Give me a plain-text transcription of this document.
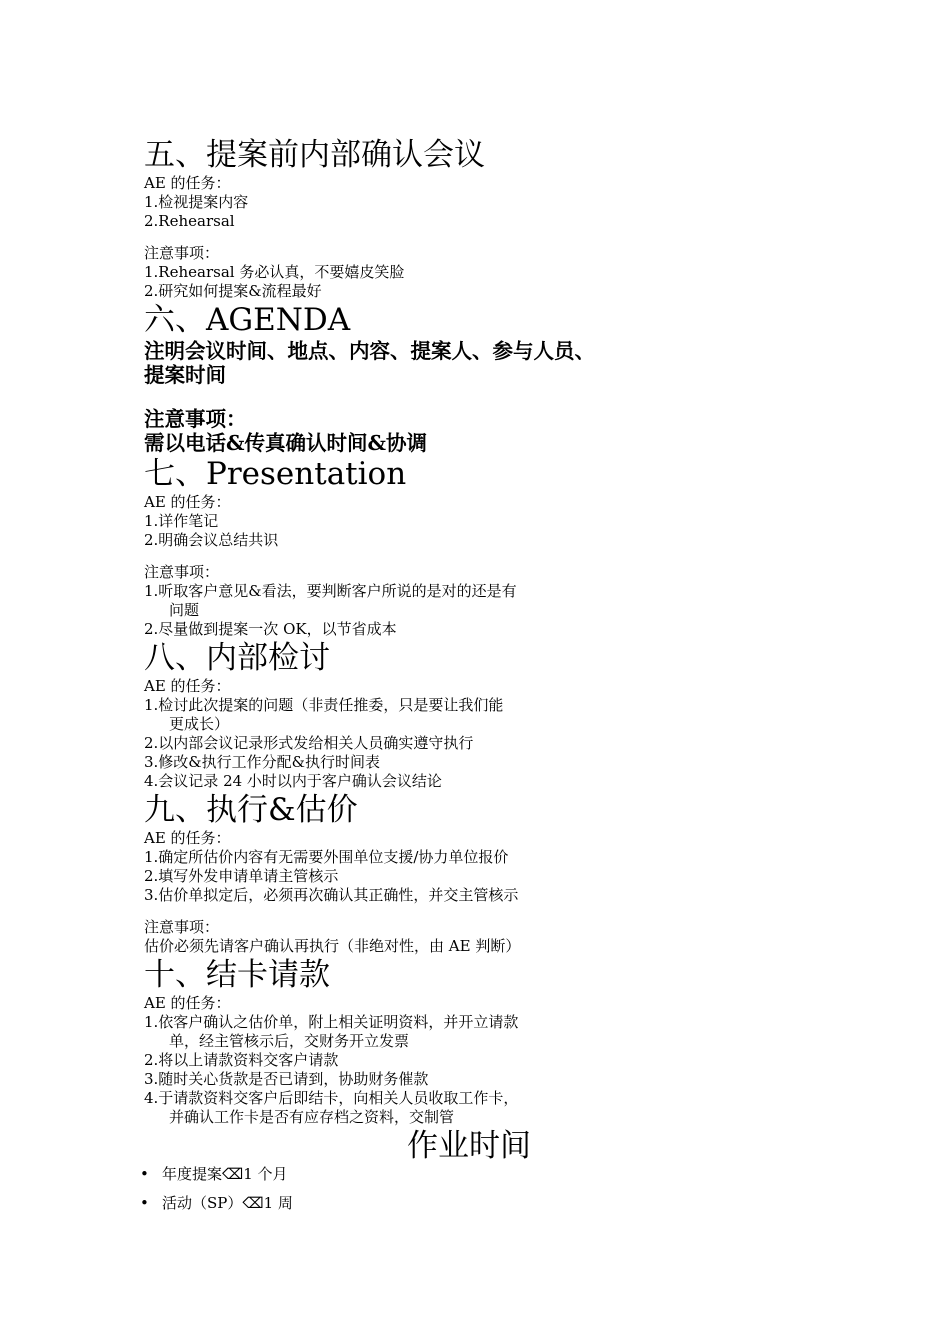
五、提案前内部确认会议
AE 的任务：
1.检视提案内容
2.Rehearsal
注意事项：
1.Rehearsal 务必认真，不要嬉皮笑脸
2.研究如何提案&流程最好
六、AGENDA
注明会议时间、地点、内容、提案人、参与人员、
提案时间
注意事项：
需以电话&传真确认时间&协调
七、Presentation
AE 的任务：
1.详作笔记
2.明确会议总结共识
注意事项：
1.听取客户意见&看法，要判断客户所说的是对的还是有
问题
2.尽量做到提案一次 OK，以节省成本
八、内部检讨
AE 的任务：
1.检讨此次提案的问题（非责任推委，只是要让我们能
更成长）
2.以内部会议记录形式发给相关人员确实遵守执行
3.修改&执行工作分配&执行时间表
4.会议记录 24 小时以内于客户确认会议结论
九、执行&估价
AE 的任务：
1.确定所估价内容有无需要外围单位支援/协力单位报价
2.填写外发申请单请主管核示
3.估价单拟定后，必须再次确认其正确性，并交主管核示
注意事项：
估价必须先请客户确认再执行（非绝对性，由 AE 判断）
十、结卡请款
AE 的任务：
1.依客户确认之估价单，附上相关证明资料，并开立请款
单，经主管核示后，交财务开立发票
2.将以上请款资料交客户请款
3.随时关心货款是否已请到，协助财务催款
4.于请款资料交客户后即结卡，向相关人员收取工作卡，
并确认工作卡是否有应存档之资料，交制管
作业时间
• 年度提案⌫1 个月
• 活动（SP）⌫1 周
